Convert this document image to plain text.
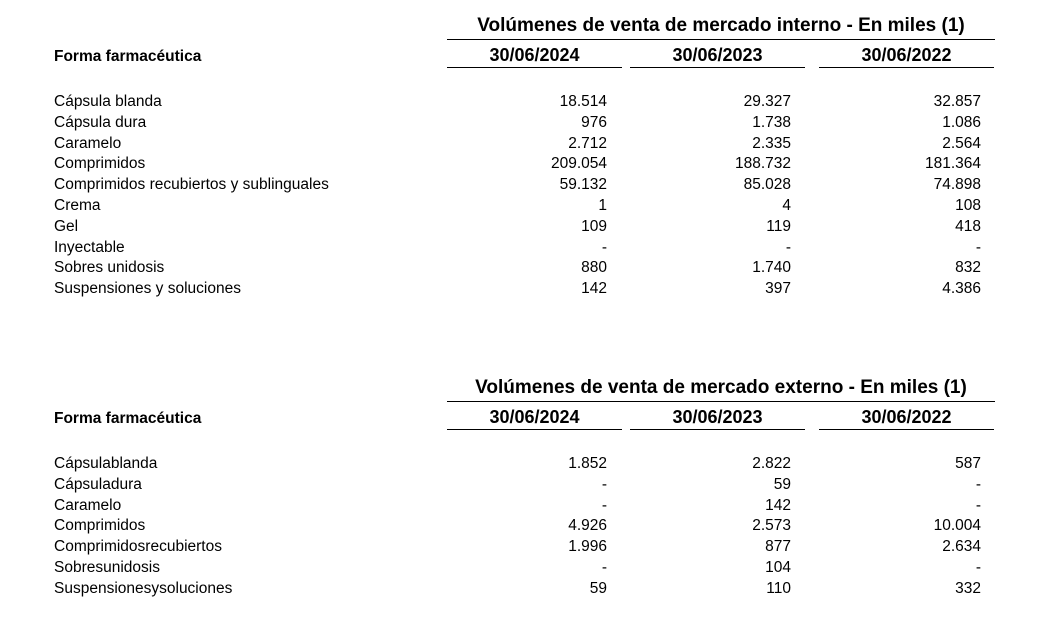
Volúmenes de venta de mercado interno - En miles (1)
Forma farmacéutica	30/06/2024	30/06/2023	30/06/2022
Cápsula blanda	18.514	29.327	32.857
Cápsula dura	976	1.738	1.086
Caramelo	2.712	2.335	2.564
Comprimidos	209.054	188.732	181.364
Comprimidos recubiertos y sublinguales	59.132	85.028	74.898
Crema	1	4	108
Gel	109	119	418
Inyectable	-	-	-
Sobres unidosis	880	1.740	832
Suspensiones y soluciones	142	397	4.386
Volúmenes de venta de mercado externo - En miles (1)
Forma farmacéutica	30/06/2024	30/06/2023	30/06/2022
Cápsulablanda	1.852	2.822	587
Cápsuladura	-	59	-
Caramelo	-	142	-
Comprimidos	4.926	2.573	10.004
Comprimidosrecubiertos	1.996	877	2.634
Sobresunidosis	-	104	-
Suspensionesysoluciones	59	110	332
